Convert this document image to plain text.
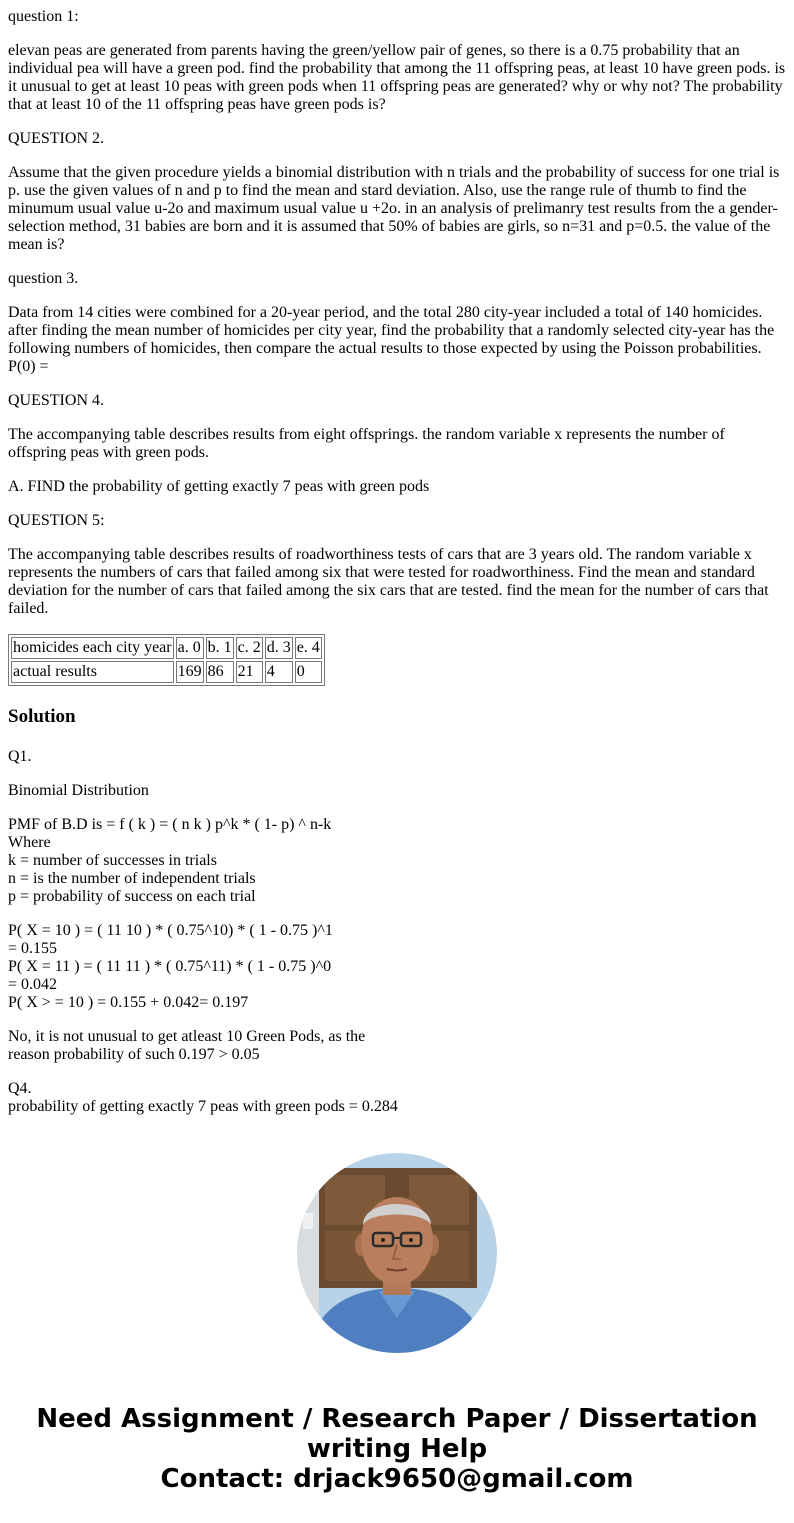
question 1:

elevan peas are generated from parents having the green/yellow pair of genes, so there is a 0.75 probability that an individual pea will have a green pod. find the probability that among the 11 offspring peas, at least 10 have green pods. is it unusual to get at least 10 peas with green pods when 11 offspring peas are generated? why or why not? The probability that at least 10 of the 11 offspring peas have green pods is?

QUESTION 2.

Assume that the given procedure yields a binomial distribution with n trials and the probability of success for one trial is p. use the given values of n and p to find the mean and stard deviation. Also, use the range rule of thumb to find the minumum usual value u-2o and maximum usual value u +2o. in an analysis of prelimanry test results from the a gender-selection method, 31 babies are born and it is assumed that 50% of babies are girls, so n=31 and p=0.5. the value of the mean is?

question 3.

Data from 14 cities were combined for a 20-year period, and the total 280 city-year included a total of 140 homicides. after finding the mean number of homicides per city year, find the probability that a randomly selected city-year has the following numbers of homicides, then compare the actual results to those expected by using the Poisson probabilities.
P(0) =

QUESTION 4.

The accompanying table describes results from eight offsprings. the random variable x represents the number of offspring peas with green pods.

A. FIND the probability of getting exactly 7 peas with green pods

QUESTION 5:

The accompanying table describes results of roadworthiness tests of cars that are 3 years old. The random variable x represents the numbers of cars that failed among six that were tested for roadworthiness. Find the mean and standard deviation for the number of cars that failed among the six cars that are tested. find the mean for the number of cars that failed.

homicides each city year	a. 0	b. 1	c. 2	d. 3	e. 4
actual results	169	86	21	4	0
Solution

Q1.

Binomial Distribution

PMF of B.D is = f ( k ) = ( n k ) p^k * ( 1- p) ^ n-k
Where
k = number of successes in trials
n = is the number of independent trials
p = probability of success on each trial

P( X = 10 ) = ( 11 10 ) * ( 0.75^10) * ( 1 - 0.75 )^1
= 0.155
P( X = 11 ) = ( 11 11 ) * ( 0.75^11) * ( 1 - 0.75 )^0
= 0.042
P( X > = 10 ) = 0.155 + 0.042= 0.197

No, it is not unusual to get atleast 10 Green Pods, as the
reason probability of such 0.197 > 0.05

Q4.
probability of getting exactly 7 peas with green pods = 0.284

Need Assignment / Research Paper / Dissertation
writing Help
Contact: drjack9650@gmail.com
